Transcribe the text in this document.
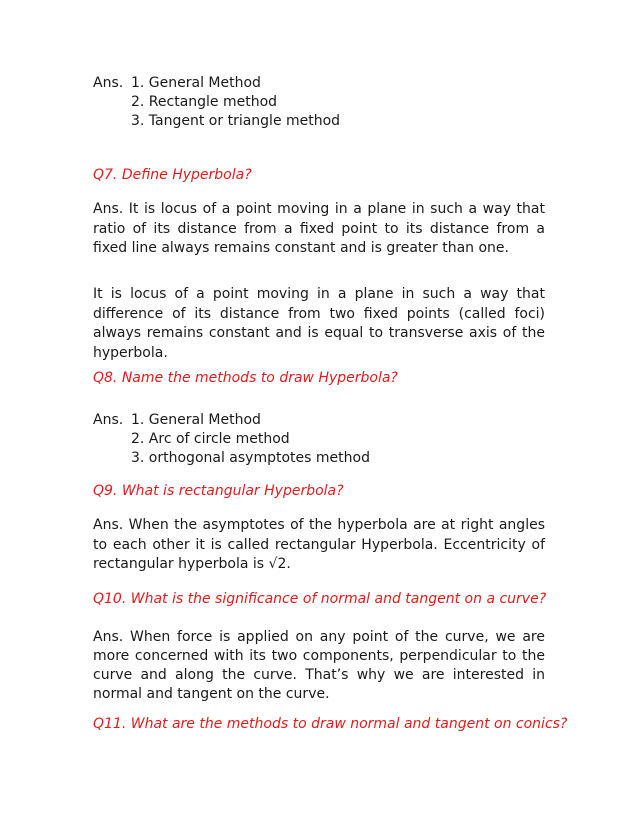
Ans. 1. General Method
2. Rectangle method
3. Tangent or triangle method
Q7. Define Hyperbola?
Ans. It is locus of a point moving in a plane in such a way that ratio of its distance from a fixed point to its distance from a fixed line always remains constant and is greater than one.
It is locus of a point moving in a plane in such a way that difference of its distance from two fixed points (called foci) always remains constant and is equal to transverse axis of the hyperbola.
Q8. Name the methods to draw Hyperbola?
Ans. 1. General Method
2. Arc of circle method
3. orthogonal asymptotes method
Q9. What is rectangular Hyperbola?
Ans. When the asymptotes of the hyperbola are at right angles to each other it is called rectangular Hyperbola. Eccentricity of rectangular hyperbola is √2.
Q10. What is the significance of normal and tangent on a curve?
Ans. When force is applied on any point of the curve, we are more concerned with its two components, perpendicular to the curve and along the curve. That’s why we are interested in normal and tangent on the curve.
Q11. What are the methods to draw normal and tangent on conics?
